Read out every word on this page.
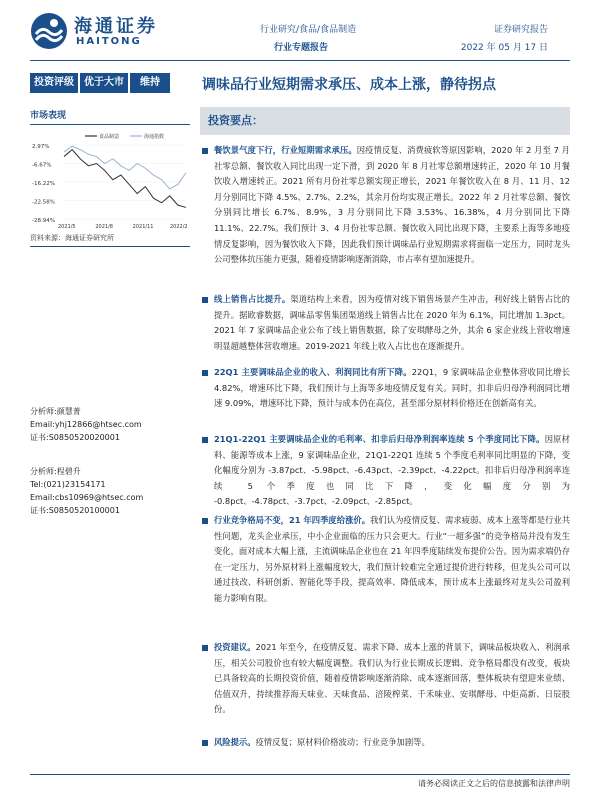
海通证券
HAITONG
行业研究/食品/食品制造
行业专题报告
证券研究报告
2022 年 05 月 17 日
投资评级	优于大市	维持	调味品行业短期需求承压、成本上涨，静待拐点
市场表现
2.97%
-6.67%
-16.22%
-22.58%
-28.94%
2021/5	2021/8	2021/11	2022/2
食品制造	海通指数
资料来源：海通证券研究所
分析师:颜慧菁
Email:yhj12866@htsec.com
证书:S0850520020001
分析师:程碧升
Tel:(021)23154171
Email:cbs10969@htsec.com
证书:S0850520100001
投资要点：
餐饮景气度下行，行业短期需求承压。因疫情反复、消费疲软等原因影响，2020 年 2 月至 7 月社零总额、餐饮收入同比出现一定下滑，到 2020 年 8 月社零总额增速转正，2020 年 10 月餐饮收入增速转正。2021 所有月份社零总额实现正增长，2021 年餐饮收入在 8 月、11 月、12 月分别同比下降 4.5%、2.7%、2.2%，其余月份均实现正增长。2022 年 2 月社零总额、餐饮分别同比增长 6.7%、8.9%，3 月分别同比下降 3.53%、16.38%，4 月分别同比下降 11.1%、22.7%。我们预计 3、4 月份社零总额、餐饮收入同比出现下降，主要系上海等多地疫情反复影响，因为餐饮收入下降，因此我们预计调味品行业短期需求将面临一定压力，同时龙头公司整体抗压能力更强，随着疫情影响逐渐消除，市占率有望加速提升。
线上销售占比提升。渠道结构上来看，因为疫情对线下销售场景产生冲击，利好线上销售占比的提升。据欧睿数据，调味品零售集团渠道线上销售占比在 2020 年为 6.1%，同比增加 1.3pct。2021 年 7 家调味品企业公布了线上销售数据，除了安琪酵母之外，其余 6 家企业线上营收增速明显超越整体营收增速。2019-2021 年线上收入占比也在逐渐提升。
22Q1 主要调味品企业的收入、利润同比有所下降。22Q1，9 家调味品企业整体营收同比增长 4.82%，增速环比下降，我们预计与上海等多地疫情反复有关。同时，扣非后归母净利润同比增速 9.09%，增速环比下降，预计与成本仍在高位，甚至部分原材料价格还在创新高有关。
21Q1-22Q1 主要调味品企业的毛利率、扣非后归母净利润率连续 5 个季度同比下降。因原材料、能源等成本上涨，9 家调味品企业，21Q1-22Q1 连续 5 个季度毛利率同比明显的下降，变化幅度分别为 -3.87pct、-5.98pct、-6.43pct、-2.39pct、-4.22pct。扣非后归母净利润率连续 5 个季度也同比下降，变化幅度分别为 -0.8pct、-4.78pct、-3.7pct、-2.09pct、-2.85pct。
行业竞争格局不变，21 年四季度给涨价。我们认为疫情反复、需求疲弱、成本上涨等都是行业共性问题，龙头企业承压，中小企业面临的压力只会更大。行业“一超多强”的竞争格局并没有发生变化，面对成本大幅上涨，主流调味品企业也在 21 年四季度陆续发布提价公告。因为需求端仍存在一定压力，另外原材料上涨幅度较大，我们预计较难完全通过提价进行转移，但龙头公司可以通过技改、科研创新、智能化等手段，提高效率、降低成本，预计成本上涨最终对龙头公司盈利能力影响有限。
投资建议。2021 年至今，在疫情反复、需求下降、成本上涨的背景下，调味品板块收入、利润承压，相关公司股价也有较大幅度调整。我们认为行业长期成长逻辑、竞争格局都没有改变，板块已具备较高的长期投资价值，随着疫情影响逐渐消除、成本逐渐回落，整体板块有望迎来业绩、估值双升，持续推荐海天味业、天味食品、涪陵榨菜、千禾味业、安琪酵母、中炬高新、日辰股份。
风险提示。疫情反复；原材料价格波动；行业竞争加剧等。
请务必阅读正文之后的信息披露和法律声明
